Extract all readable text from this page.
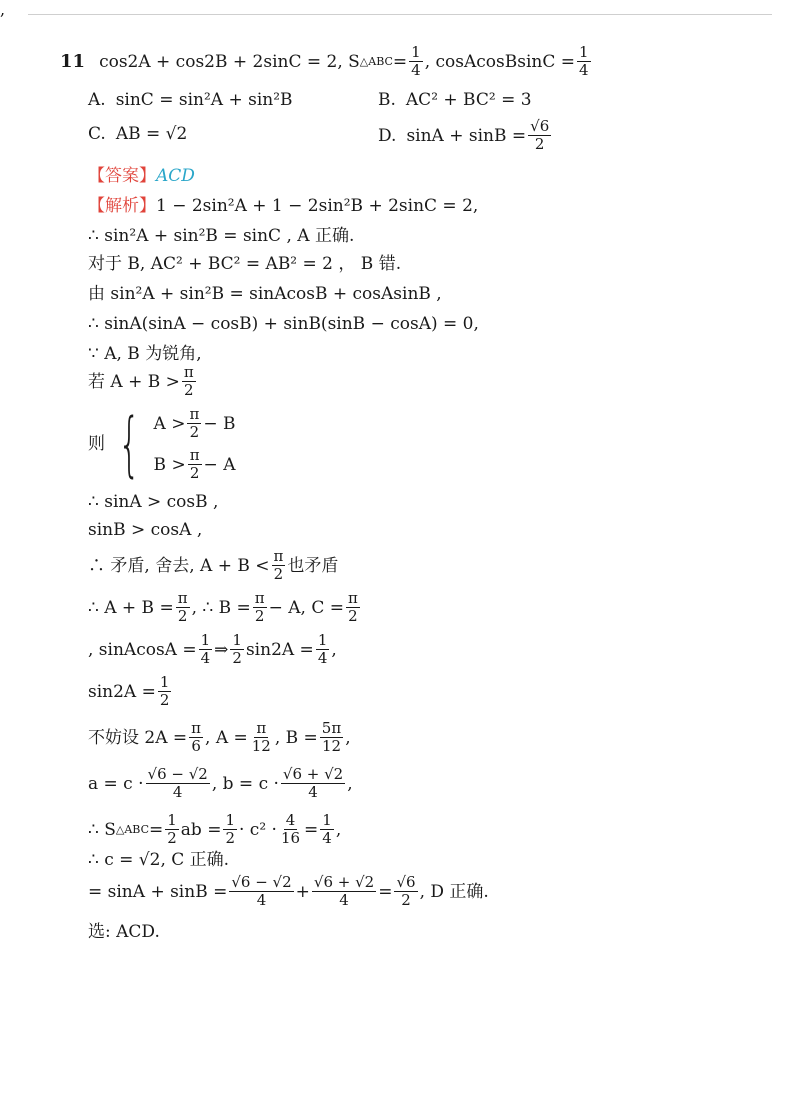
11 cos2A + cos2B + 2sinC = 2, S △ABC = $\frac{1}{4}$ , cosAcosBsinC = $\frac{1}{4}$
A. sinC = sin²A + sin²B	B. AC² + BC² = 3
C. AB = √2	D. $\sin A + \sin B = \frac{√6}{2}$
【答案】 ACD
【解析】 1 − 2sin²A + 1 − 2sin²B + 2sinC = 2,
∴ sin²A + sin²B = sinC , A 正确.
对于 B, AC² + BC² = AB² = 2 ， B 错.
由 sin²A + sin²B = sinAcosB + cosAsinB ,
∴ sinA(sinA − cosB) + sinB(sinB − cosA) = 0,
∵ A, B 为锐角,
若 $A + B > \frac{\pi}{2}$
则 { $A > \frac{\pi}{2} - B$
$B > \frac{\pi}{2} - A$
,
∴ sinA > cosB ,
sinB > cosA ,
∴ 矛盾, 舍去, $A + B < \frac{\pi}{2}$ 也矛盾
∴ $A + B = \frac{\pi}{2}$ , ∴ $B = \frac{\pi}{2} - A$, $C = \frac{\pi}{2}$
, sinAcosA = $\frac{1}{4}$ ⇒ $\frac{1}{2} \sin 2A = \frac{1}{4}$ ,
$\sin 2A = \frac{1}{2}$
不妨设 $2A = \frac{\pi}{6}$ , $A = \frac{\pi}{12}$ , $B = \frac{5\pi}{12}$ ,
$a = c \cdot \frac{√6 - √2}{4}$ , $b = c \cdot \frac{√6 + √2}{4}$ ,
∴ S △ABC = $\frac{1}{2}$ ab = $\frac{1}{2} \cdot c^2 \cdot \frac{4}{16} = \frac{1}{4}$ ,
∴ c = √2, C 正确.
= $\sin A + \sin B = \frac{√6 - √2}{4} + \frac{√6 + √2}{4} = \frac{√6}{2}$ , D 正确.
选: ACD.
